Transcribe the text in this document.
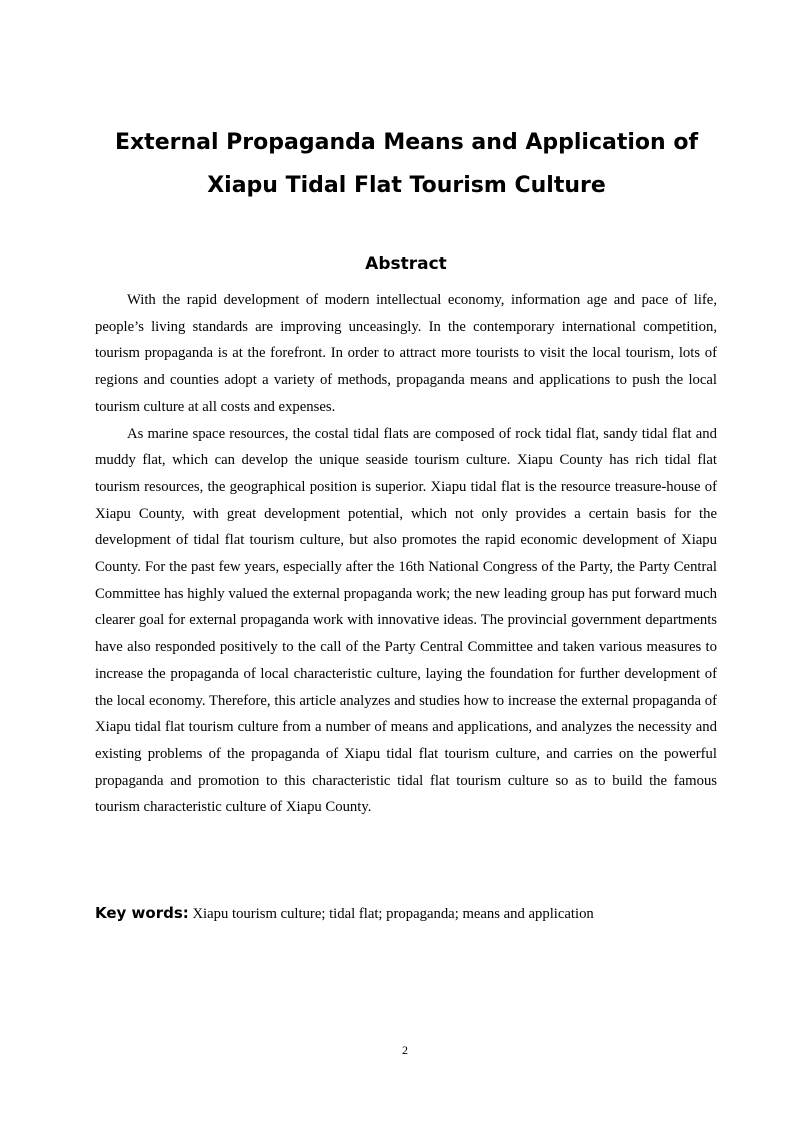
External Propaganda Means and Application of
Xiapu Tidal Flat Tourism Culture
Abstract

With the rapid development of modern intellectual economy, information age and pace of life, people’s living standards are improving unceasingly. In the contemporary international competition, tourism propaganda is at the forefront. In order to attract more tourists to visit the local tourism, lots of regions and counties adopt a variety of methods, propaganda means and applications to push the local tourism culture at all costs and expenses.

As marine space resources, the costal tidal flats are composed of rock tidal flat, sandy tidal flat and muddy flat, which can develop the unique seaside tourism culture. Xiapu County has rich tidal flat tourism resources, the geographical position is superior. Xiapu tidal flat is the resource treasure-house of Xiapu County, with great development potential, which not only provides a certain basis for the development of tidal flat tourism culture, but also promotes the rapid economic development of Xiapu County. For the past few years, especially after the 16th National Congress of the Party, the Party Central Committee has highly valued the external propaganda work; the new leading group has put forward much clearer goal for external propaganda work with innovative ideas. The provincial government departments have also responded positively to the call of the Party Central Committee and taken various measures to increase the propaganda of local characteristic culture, laying the foundation for further development of the local economy. Therefore, this article analyzes and studies how to increase the external propaganda of Xiapu tidal flat tourism culture from a number of means and applications, and analyzes the necessity and existing problems of the propaganda of Xiapu tidal flat tourism culture, and carries on the powerful propaganda and promotion to this characteristic tidal flat tourism culture so as to build the famous tourism characteristic culture of Xiapu County.

Key words: Xiapu tourism culture; tidal flat; propaganda; means and application
2
